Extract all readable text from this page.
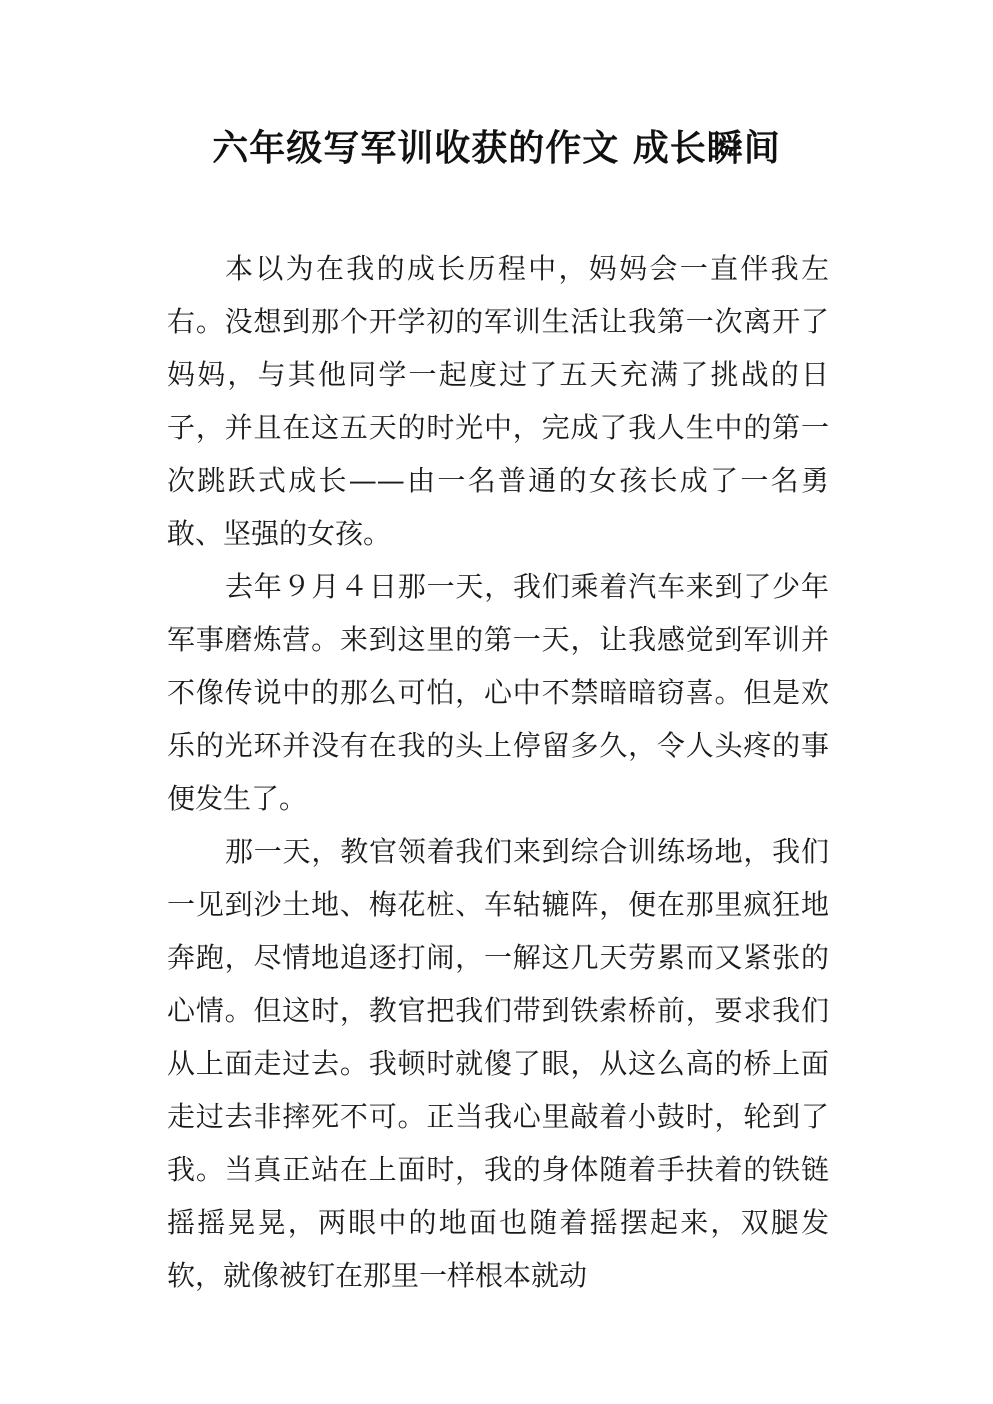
六年级写军训收获的作文 成长瞬间

本以为在我的成长历程中，妈妈会一直伴我左右。没想到那个开学初的军训生活让我第一次离开了妈妈，与其他同学一起度过了五天充满了挑战的日子，并且在这五天的时光中，完成了我人生中的第一次跳跃式成长——由一名普通的女孩长成了一名勇敢、坚强的女孩。

去年９月４日那一天，我们乘着汽车来到了少年军事磨炼营。来到这里的第一天，让我感觉到军训并不像传说中的那么可怕，心中不禁暗暗窃喜。但是欢乐的光环并没有在我的头上停留多久，令人头疼的事便发生了。

那一天，教官领着我们来到综合训练场地，我们一见到沙土地、梅花桩、车轱辘阵，便在那里疯狂地奔跑，尽情地追逐打闹，一解这几天劳累而又紧张的心情。但这时，教官把我们带到铁索桥前，要求我们从上面走过去。我顿时就傻了眼，从这么高的桥上面走过去非摔死不可。正当我心里敲着小鼓时，轮到了我。当真正站在上面时，我的身体随着手扶着的铁链摇摇晃晃，两眼中的地面也随着摇摆起来，双腿发软，就像被钉在那里一样根本就动
